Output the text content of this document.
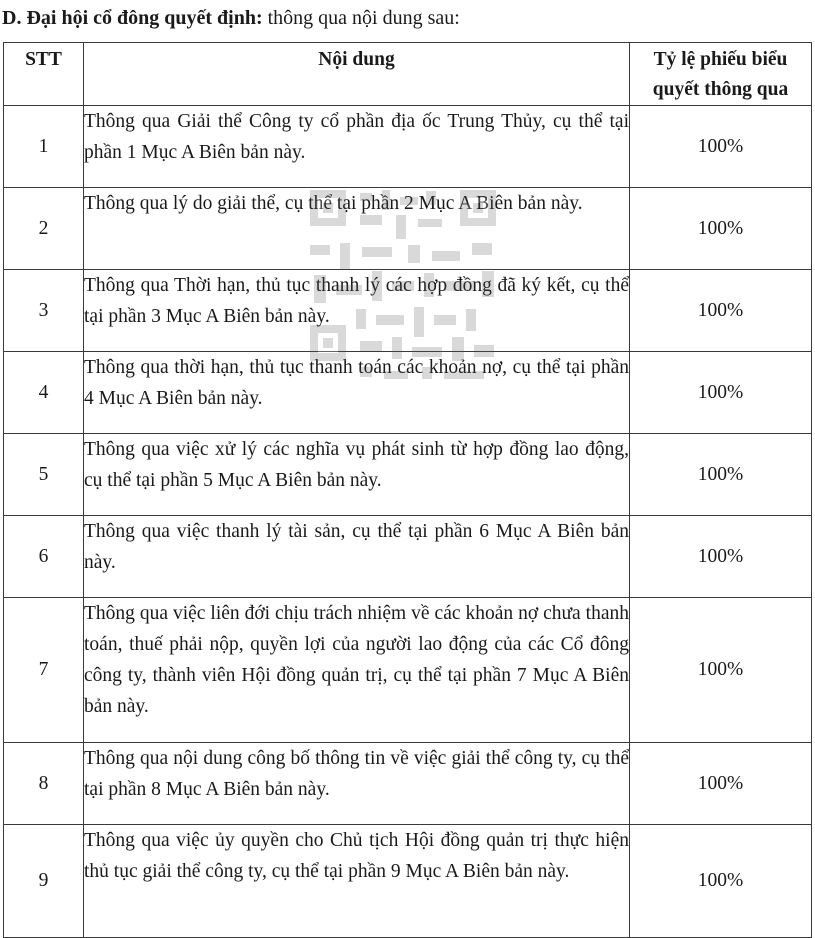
D. Đại hội cổ đông quyết định: thông qua nội dung sau:
STT	Nội dung	Tỷ lệ phiếu biểu quyết thông qua
1	Thông qua Giải thể Công ty cổ phần địa ốc Trung Thủy, cụ thể tại phần 1 Mục A Biên bản này.	100%
2	Thông qua lý do giải thể, cụ thể tại phần 2 Mục A Biên bản này.	100%
3	Thông qua Thời hạn, thủ tục thanh lý các hợp đồng đã ký kết, cụ thể tại phần 3 Mục A Biên bản này.	100%
4	Thông qua thời hạn, thủ tục thanh toán các khoản nợ, cụ thể tại phần 4 Mục A Biên bản này.	100%
5	Thông qua việc xử lý các nghĩa vụ phát sinh từ hợp đồng lao động, cụ thể tại phần 5 Mục A Biên bản này.	100%
6	Thông qua việc thanh lý tài sản, cụ thể tại phần 6 Mục A Biên bản này.	100%
7	Thông qua việc liên đới chịu trách nhiệm về các khoản nợ chưa thanh toán, thuế phải nộp, quyền lợi của người lao động của các Cổ đông công ty, thành viên Hội đồng quản trị, cụ thể tại phần 7 Mục A Biên bản này.	100%
8	Thông qua nội dung công bố thông tin về việc giải thể công ty, cụ thể tại phần 8 Mục A Biên bản này.	100%
9	Thông qua việc ủy quyền cho Chủ tịch Hội đồng quản trị thực hiện thủ tục giải thể công ty, cụ thể tại phần 9 Mục A Biên bản này.	100%
